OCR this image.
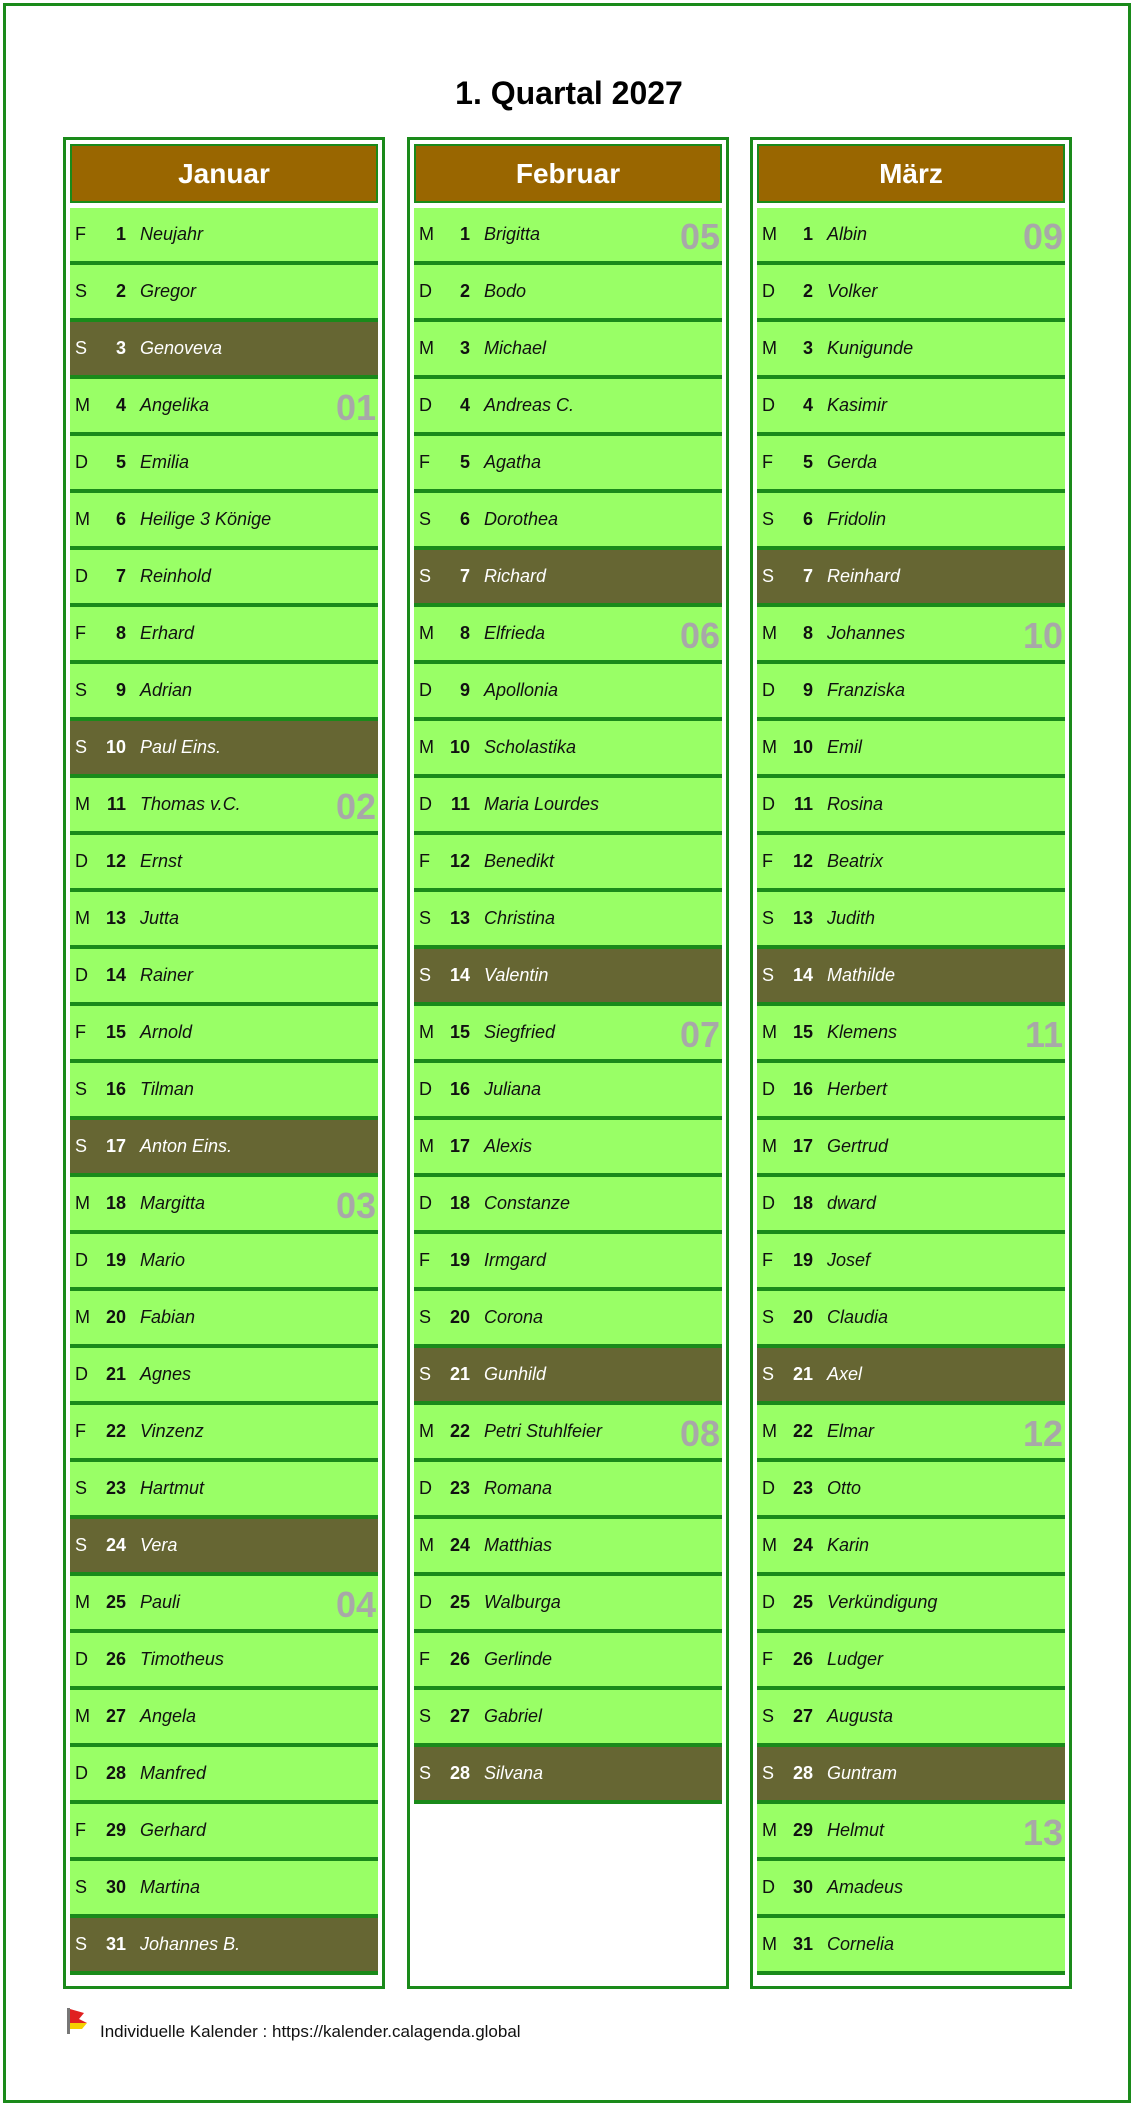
1. Quartal 2027
Januar
F	1 Neujahr
S	2 Gregor
S	3 Genoveva
M	4 Angelika	01
D	5 Emilia
M	6 Heilige 3 Könige
D	7 Reinhold
F	8 Erhard
S	9 Adrian
S	10 Paul Eins.
M 11 Thomas v.C.	02
D 12 Ernst
M 13 Jutta
D 14 Rainer
F	15 Arnold
S	16 Tilman
S	17 Anton Eins.
M 18 Margitta	03
D 19 Mario
M 20 Fabian
D 21 Agnes
F	22 Vinzenz
S	23 Hartmut
S	24 Vera
M 25 Pauli	04
D 26 Timotheus
M 27 Angela
D 28 Manfred
F	29 Gerhard
S	30 Martina
S	31 Johannes B.
Februar
M	1 Brigitta	05
D	2 Bodo
M	3 Michael
D	4 Andreas C.
F	5 Agatha
S	6 Dorothea
S	7 Richard
M	8 Elfrieda	06
D	9 Apollonia
M 10 Scholastika
D	11 Maria Lourdes
F	12 Benedikt
S	13 Christina
S	14 Valentin
M 15 Siegfried	07
D 16 Juliana
M 17 Alexis
D 18 Constanze
F	19 Irmgard
S	20 Corona
S	21 Gunhild
M 22 Petri Stuhlfeier 08
D 23 Romana
M 24 Matthias
D 25 Walburga
F	26 Gerlinde
S	27 Gabriel
S	28 Silvana
März
M	1 Albin	09
D	2 Volker
M	3 Kunigunde
D	4 Kasimir
F	5 Gerda
S	6 Fridolin
S	7 Reinhard
M	8 Johannes	10
D	9 Franziska
M 10 Emil
D	11 Rosina
F	12 Beatrix
S	13 Judith
S	14 Mathilde
M 15 Klemens	11
D 16 Herbert
M 17 Gertrud
D 18 dward
F	19 Josef
S	20 Claudia
S	21 Axel
M 22 Elmar	12
D 23 Otto
M 24 Karin
D 25 Verkündigung
F	26 Ludger
S	27 Augusta
S	28 Guntram
M 29 Helmut	13
D 30 Amadeus
M 31 Cornelia
Individuelle Kalender : https://kalender.calagenda.global
